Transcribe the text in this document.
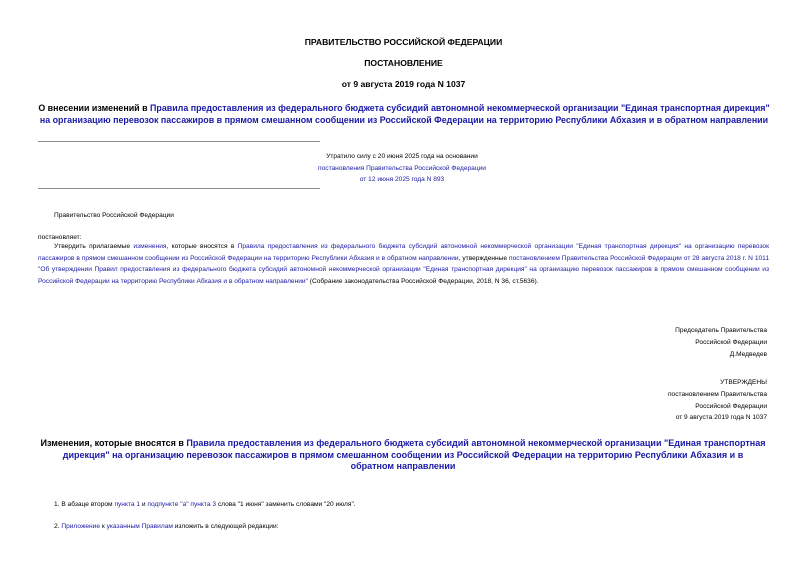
ПРАВИТЕЛЬСТВО РОССИЙСКОЙ ФЕДЕРАЦИИ
ПОСТАНОВЛЕНИЕ
от 9 августа 2019 года N 1037
О внесении изменений в Правила предоставления из федерального бюджета субсидий автономной некоммерческой организации "Единая транспортная дирекция" на организацию перевозок пассажиров в прямом смешанном сообщении из Российской Федерации на территорию Республики Абхазия и в обратном направлении
Утратило силу с 20 июня 2025 года на основании
постановления Правительства Российской Федерации
от 12 июня 2025 года N 893
Правительство Российской Федерации
постановляет:
Утвердить прилагаемые изменения, которые вносятся в Правила предоставления из федерального бюджета субсидий автономной некоммерческой организации "Единая транспортная дирекция" на организацию перевозок пассажиров в прямом смешанном сообщении из Российской Федерации на территорию Республики Абхазия и в обратном направлении, утвержденные постановлением Правительства Российской Федерации от 28 августа 2018 г. N 1011 "Об утверждении Правил предоставления из федерального бюджета субсидий автономной некоммерческой организации "Единая транспортная дирекция" на организацию перевозок пассажиров в прямом смешанном сообщении из Российской Федерации на территорию Республики Абхазия и в обратном направлении" (Собрание законодательства Российской Федерации, 2018, N 36, ст.5636).
Председатель Правительства
Российской Федерации
Д.Медведев
УТВЕРЖДЕНЫ
постановлением Правительства
Российской Федерации
от 9 августа 2019 года N 1037
Изменения, которые вносятся в Правила предоставления из федерального бюджета субсидий автономной некоммерческой организации "Единая транспортная дирекция" на организацию перевозок пассажиров в прямом смешанном сообщении из Российской Федерации на территорию Республики Абхазия и в обратном направлении
1. В абзаце втором пункта 1 и подпункте "а" пункта 3 слова "1 июня" заменить словами "20 июля".
2. Приложение к указанным Правилам изложить в следующей редакции:
